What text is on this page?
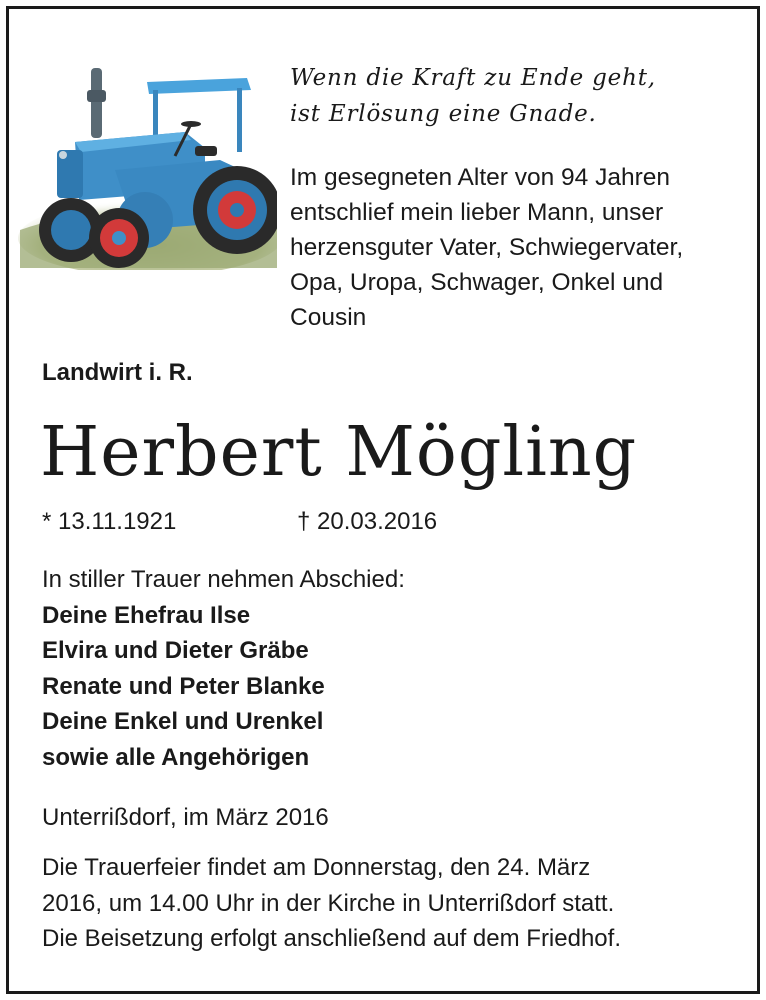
Wenn die Kraft zu Ende geht,
ist Erlösung eine Gnade.
Im gesegneten Alter von 94 Jahren
entschlief mein lieber Mann, unser
herzensguter Vater, Schwiegervater,
Opa, Uropa, Schwager, Onkel und
Cousin
Landwirt i. R.
Herbert Mögling
* 13.11.1921	† 20.03.2016
In stiller Trauer nehmen Abschied:
Deine Ehefrau Ilse
Elvira und Dieter Gräbe
Renate und Peter Blanke
Deine Enkel und Urenkel
sowie alle Angehörigen
Unterrißdorf, im März 2016
Die Trauerfeier findet am Donnerstag, den 24. März
2016, um 14.00 Uhr in der Kirche in Unterrißdorf statt.
Die Beisetzung erfolgt anschließend auf dem Friedhof.
